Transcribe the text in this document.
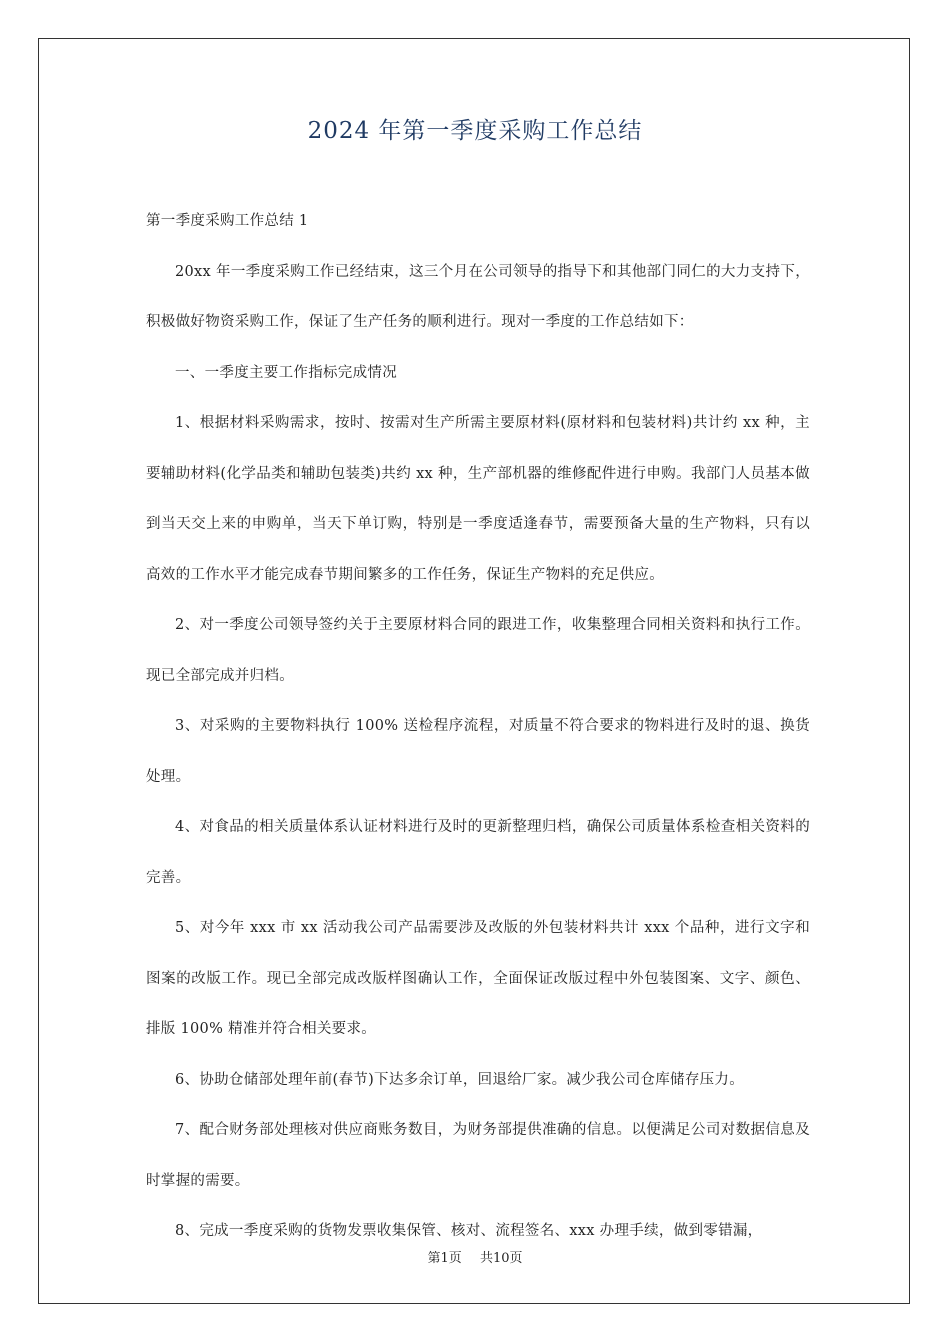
2024 年第一季度采购工作总结

第一季度采购工作总结 1

20xx 年一季度采购工作已经结束，这三个月在公司领导的指导下和其他部门同仁的大力支持下，积极做好物资采购工作，保证了生产任务的顺利进行。现对一季度的工作总结如下：

一、一季度主要工作指标完成情况

1、根据材料采购需求，按时、按需对生产所需主要原材料(原材料和包装材料)共计约 xx 种，主要辅助材料(化学品类和辅助包装类)共约 xx 种，生产部机器的维修配件进行申购。我部门人员基本做到当天交上来的申购单，当天下单订购，特别是一季度适逢春节，需要预备大量的生产物料，只有以高效的工作水平才能完成春节期间繁多的工作任务，保证生产物料的充足供应。

2、对一季度公司领导签约关于主要原材料合同的跟进工作，收集整理合同相关资料和执行工作。现已全部完成并归档。

3、对采购的主要物料执行 100% 送检程序流程，对质量不符合要求的物料进行及时的退、换货处理。

4、对食品的相关质量体系认证材料进行及时的更新整理归档，确保公司质量体系检查相关资料的完善。

5、对今年 xxx 市 xx 活动我公司产品需要涉及改版的外包装材料共计 xxx 个品种，进行文字和图案的改版工作。现已全部完成改版样图确认工作，全面保证改版过程中外包装图案、文字、颜色、排版 100% 精准并符合相关要求。

6、协助仓储部处理年前(春节)下达多余订单，回退给厂家。减少我公司仓库储存压力。

7、配合财务部处理核对供应商账务数目，为财务部提供准确的信息。以便满足公司对数据信息及时掌握的需要。

8、完成一季度采购的货物发票收集保管、核对、流程签名、xxx 办理手续，做到零错漏，

第1页 共10页
